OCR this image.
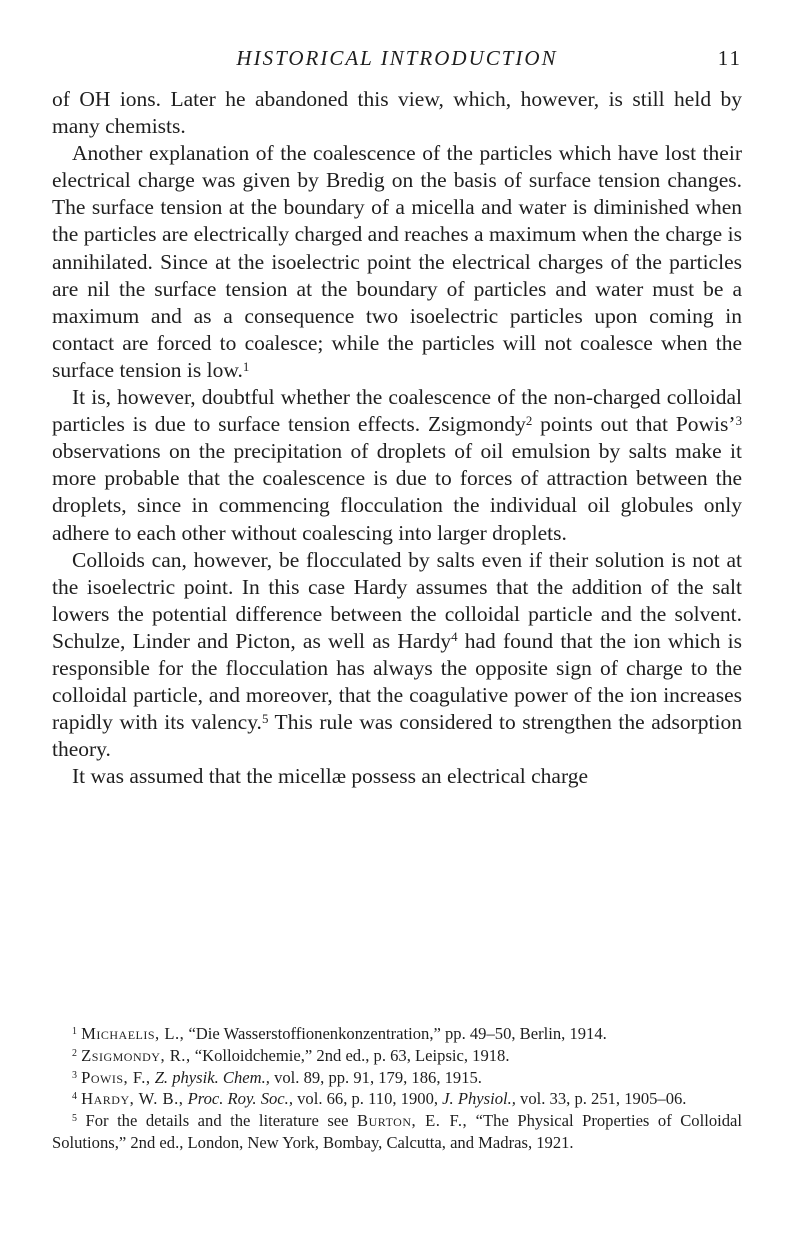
HISTORICAL INTRODUCTION	11

of OH ions. Later he abandoned this view, which, however, is still held by many chemists.

Another explanation of the coalescence of the particles which have lost their electrical charge was given by Bredig on the basis of surface tension changes. The surface tension at the boundary of a micella and water is diminished when the particles are electrically charged and reaches a maximum when the charge is annihilated. Since at the isoelectric point the electrical charges of the particles are nil the surface tension at the boundary of particles and water must be a maximum and as a consequence two isoelectric particles upon coming in contact are forced to coalesce; while the particles will not coalesce when the surface tension is low.$^1$

It is, however, doubtful whether the coalescence of the non-charged colloidal particles is due to surface tension effects. Zsigmondy$^2$ points out that Powis’$^3$ observations on the precipitation of droplets of oil emulsion by salts make it more probable that the coalescence is due to forces of attraction between the droplets, since in commencing flocculation the individual oil globules only adhere to each other without coalescing into larger droplets.

Colloids can, however, be flocculated by salts even if their solution is not at the isoelectric point. In this case Hardy assumes that the addition of the salt lowers the potential difference between the colloidal particle and the solvent. Schulze, Linder and Picton, as well as Hardy$^4$ had found that the ion which is responsible for the flocculation has always the opposite sign of charge to the colloidal particle, and moreover, that the coagulative power of the ion increases rapidly with its valency.$^5$ This rule was considered to strengthen the adsorption theory.

It was assumed that the micellæ possess an electrical charge

$^1$ Michaelis, L., “Die Wasserstoffionenkonzentration,” pp. 49–50, Berlin, 1914.

$^2$ Zsigmondy, R., “Kolloidchemie,” 2nd ed., p. 63, Leipsic, 1918.

$^3$ Powis, F., Z. physik. Chem., vol. 89, pp. 91, 179, 186, 1915.

$^4$ Hardy, W. B., Proc. Roy. Soc., vol. 66, p. 110, 1900, J. Physiol., vol. 33, p. 251, 1905–06.

$^5$ For the details and the literature see Burton, E. F., “The Physical Properties of Colloidal Solutions,” 2nd ed., London, New York, Bombay, Calcutta, and Madras, 1921.
